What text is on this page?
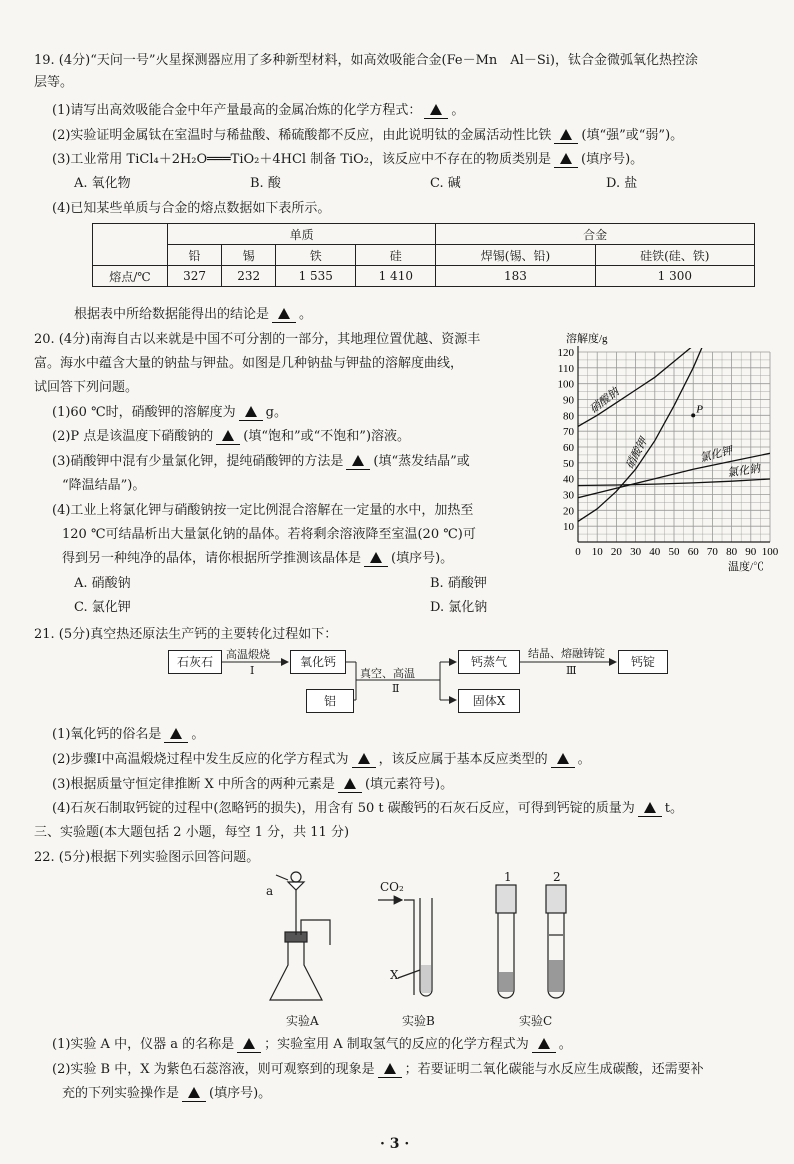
19. (4分)“天问一号”火星探测器应用了多种新型材料，如高效吸能合金(Fe－Mn　Al－Si)，钛合金微弧氧化热控涂
层等。
(1)请写出高效吸能合金中年产量最高的金属冶炼的化学方程式： 。
(2)实验证明金属钛在室温时与稀盐酸、稀硫酸都不反应，由此说明钛的金属活动性比铁 (填“强”或“弱”)。
(3)工业常用 TiCl₄＋2H₂O═══TiO₂＋4HCl 制备 TiO₂，该反应中不存在的物质类别是 (填序号)。
A. 氧化物	B. 酸	C. 碱	D. 盐
(4)已知某些单质与合金的熔点数据如下表所示。
	单质				合金	
	铅	锡	铁	硅	焊锡(锡、铅)	硅铁(硅、铁)
熔点/℃	327	232	1 535	1 410	183	1 300
根据表中所给数据能得出的结论是 。
20. (4分)南海自古以来就是中国不可分割的一部分，其地理位置优越、资源丰
富。海水中蕴含大量的钠盐与钾盐。如图是几种钠盐与钾盐的溶解度曲线，
试回答下列问题。
(1)60 ℃时，硝酸钾的溶解度为 g。
(2)P 点是该温度下硝酸钠的 (填“饱和”或“不饱和”)溶液。
(3)硝酸钾中混有少量氯化钾，提纯硝酸钾的方法是 (填“蒸发结晶”或
“降温结晶”)。
(4)工业上将氯化钾与硝酸钠按一定比例混合溶解在一定量的水中，加热至
120 ℃可结晶析出大量氯化钠的晶体。若将剩余溶液降至室温(20 ℃)可
得到另一种纯净的晶体，请你根据所学推测该晶体是 (填序号)。
A. 硝酸钠	B. 硝酸钾
C. 氯化钾	D. 氯化钠
溶解度/g
温度/℃
0 10 20 30 40 50 60 70 80 90 100
10
20
30
40
50
60
70
80
90
100
110
120
硝酸钠
硝酸钾	氯化钾
氯化钠
P
21. (5分)真空热还原法生产钙的主要转化过程如下：
石灰石
高温煅烧
Ⅰ
氧化钙
铝
真空、高温
Ⅱ
钙蒸气
固体X
结晶、熔融铸锭
Ⅲ
钙锭
(1)氧化钙的俗名是 。
(2)步骤Ⅰ中高温煅烧过程中发生反应的化学方程式为 ，该反应属于基本反应类型的 。
(3)根据质量守恒定律推断 X 中所含的两种元素是 (填元素符号)。
(4)石灰石制取钙锭的过程中(忽略钙的损失)，用含有 50 t 碳酸钙的石灰石反应，可得到钙锭的质量为 t。
三、实验题(本大题包括 2 小题，每空 1 分，共 11 分)
22. (5分)根据下列实验图示回答问题。
a	CO₂
X
1	2
实验A	实验B	实验C
(1)实验 A 中，仪器 a 的名称是 ；实验室用 A 制取氢气的反应的化学方程式为 。
(2)实验 B 中，X 为紫色石蕊溶液，则可观察到的现象是 ；若要证明二氧化碳能与水反应生成碳酸，还需要补
充的下列实验操作是 (填序号)。
· 3 ·
